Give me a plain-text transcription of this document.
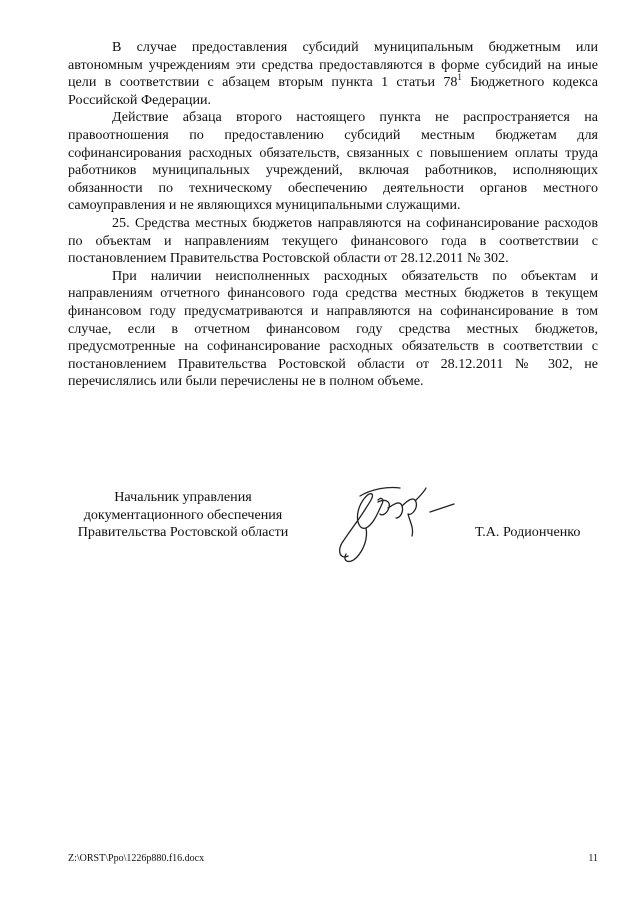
В случае предоставления субсидий муниципальным бюджетным или автономным учреждениям эти средства предоставляются в форме субсидий на иные цели в соответствии с абзацем вторым пункта 1 статьи $78^1$ Бюджетного кодекса Российской Федерации.

Действие абзаца второго настоящего пункта не распространяется на правоотношения по предоставлению субсидий местным бюджетам для софинансирования расходных обязательств, связанных с повышением оплаты труда работников муниципальных учреждений, включая работников, исполняющих обязанности по техническому обеспечению деятельности органов местного самоуправления и не являющихся муниципальными служащими.

25. Средства местных бюджетов направляются на софинансирование расходов по объектам и направлениям текущего финансового года в соответствии с постановлением Правительства Ростовской области от 28.12.2011 № 302.

При наличии неисполненных расходных обязательств по объектам и направлениям отчетного финансового года средства местных бюджетов в текущем финансовом году предусматриваются и направляются на софинансирование в том случае, если в отчетном финансовом году средства местных бюджетов, предусмотренные на софинансирование расходных обязательств в соответствии с постановлением Правительства Ростовской области от 28.12.2011 № 302, не перечислялись или были перечислены не в полном объеме.

Начальник управления
документационного обеспечения
Правительства Ростовской области	Т.А. Родионченко
Z:\ORST\Ppo\1226p880.f16.docx	11
